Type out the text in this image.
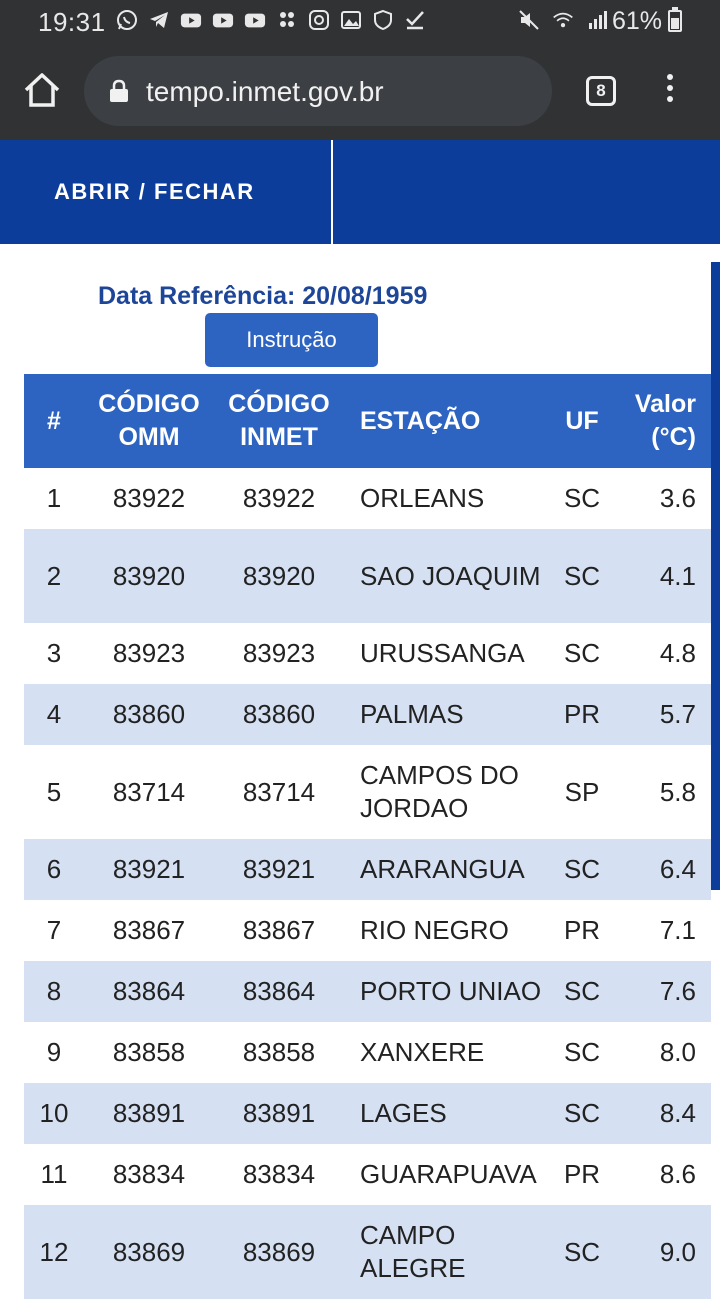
19:31	61%
tempo.inmet.gov.br	8
ABRIR / FECHAR
Data Referência: 20/08/1959
Instrução
#	CÓDIGO OMM	CÓDIGO INMET	ESTAÇÃO	UF	Valor (°C)
1	83922	83922	ORLEANS	SC	3.6
2	83920	83920	SAO JOAQUIM	SC	4.1
3	83923	83923	URUSSANGA	SC	4.8
4	83860	83860	PALMAS	PR	5.7
5	83714	83714	CAMPOS DO JORDAO	SP	5.8
6	83921	83921	ARARANGUA	SC	6.4
7	83867	83867	RIO NEGRO	PR	7.1
8	83864	83864	PORTO UNIAO	SC	7.6
9	83858	83858	XANXERE	SC	8.0
10	83891	83891	LAGES	SC	8.4
11	83834	83834	GUARAPUAVA	PR	8.6
12	83869	83869	CAMPO ALEGRE	SC	9.0
